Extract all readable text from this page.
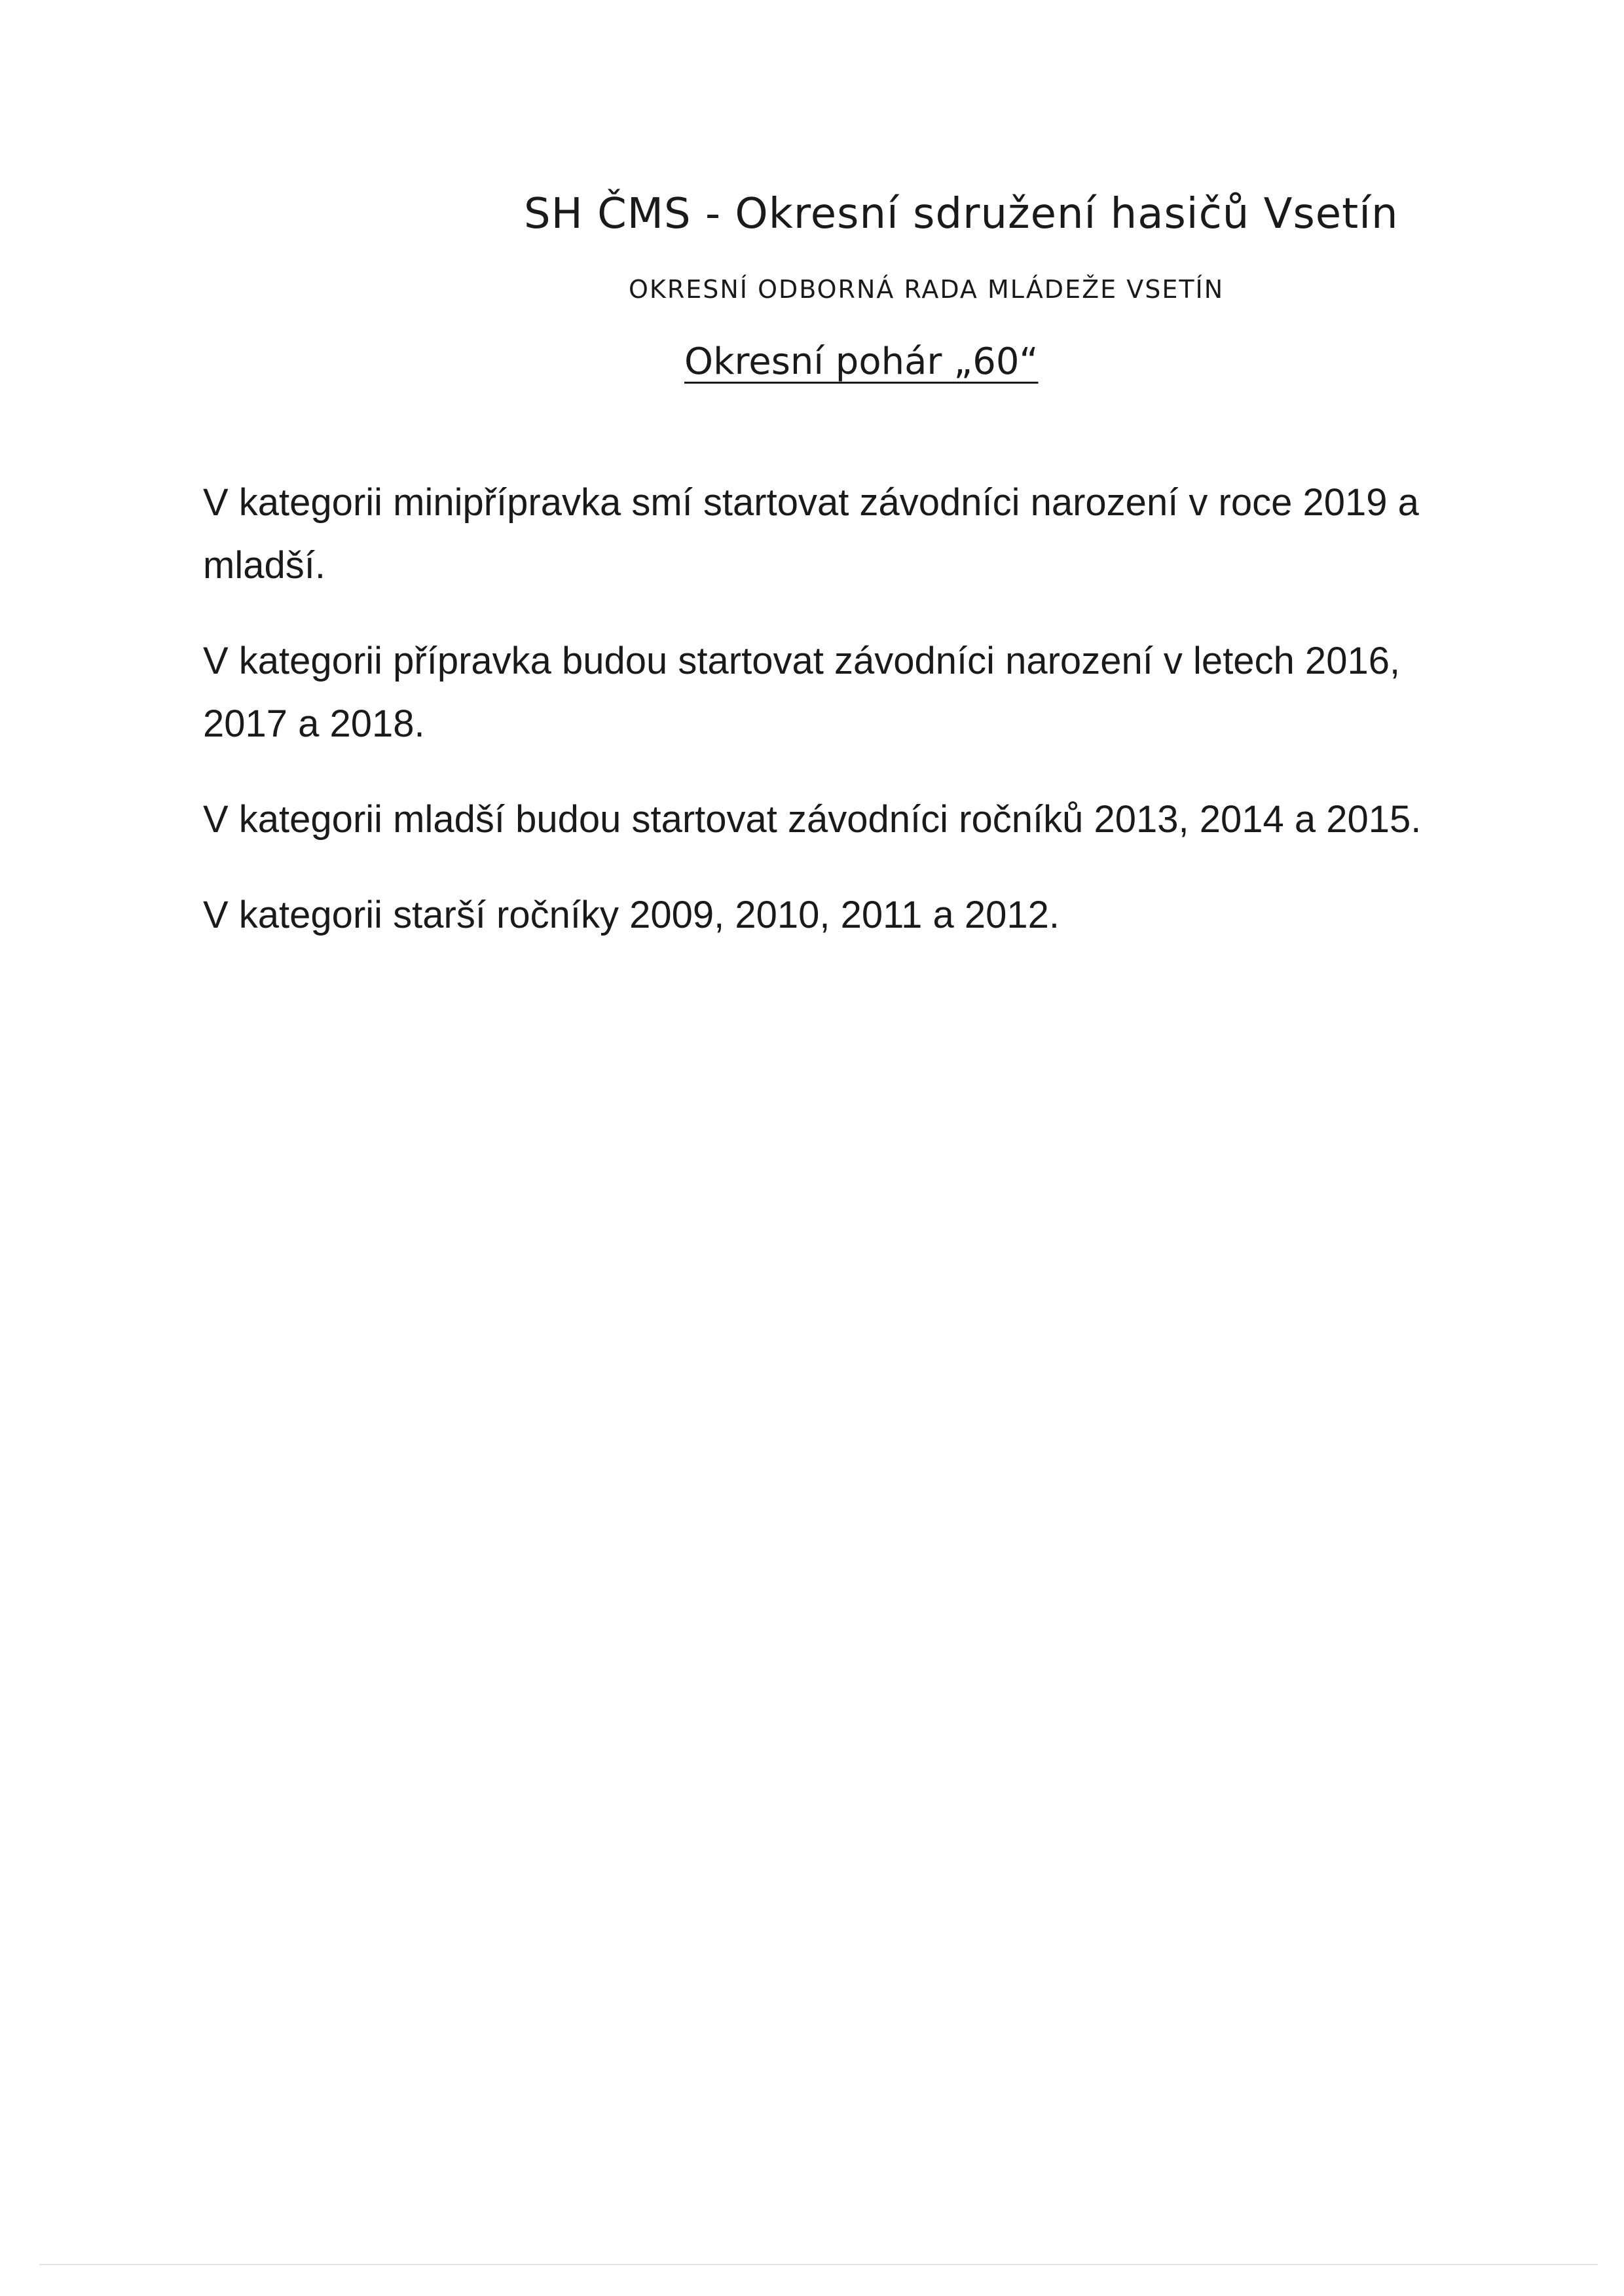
SH ČMS - Okresní sdružení hasičů Vsetín
OKRESNÍ ODBORNÁ RADA MLÁDEŽE VSETÍN
Okresní pohár „60“

V kategorii minipřípravka smí startovat závodníci narození v roce 2019 a mladší.

V kategorii přípravka budou startovat závodníci narození v letech 2016, 2017 a 2018.

V kategorii mladší budou startovat závodníci ročníků 2013, 2014 a 2015.

V kategorii starší ročníky 2009, 2010, 2011 a 2012.
